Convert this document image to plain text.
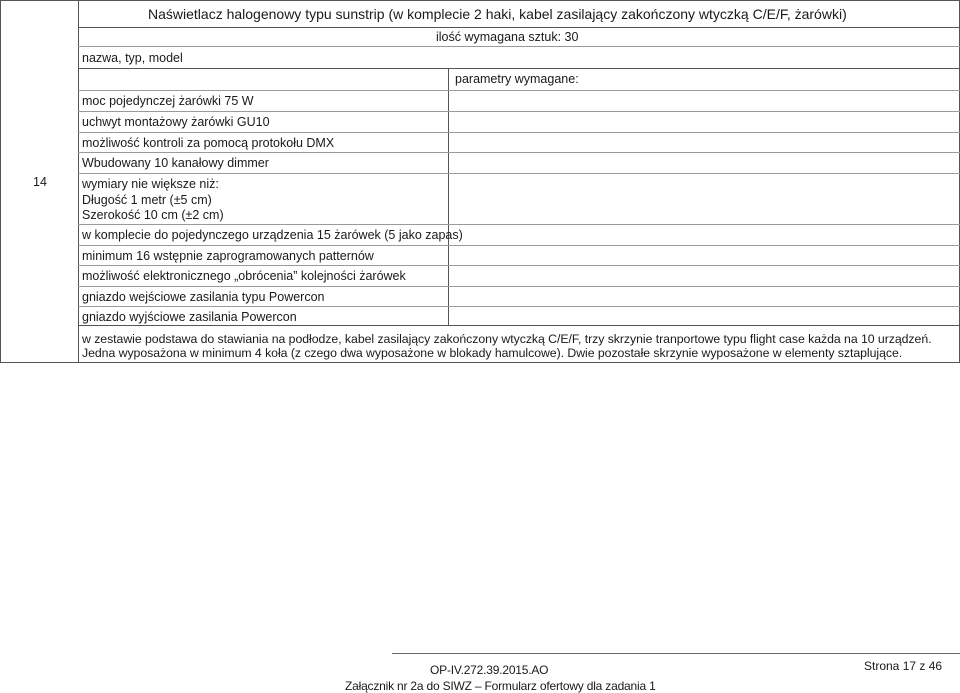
14
Naświetlacz halogenowy typu sunstrip (w komplecie 2 haki, kabel zasilający zakończony wtyczką C/E/F, żarówki)
ilość wymagana sztuk: 30
nazwa, typ, model
parametry wymagane:
moc pojedynczej żarówki 75 W
uchwyt montażowy żarówki GU10
możliwość kontroli za pomocą protokołu DMX
Wbudowany 10 kanałowy dimmer
wymiary nie większe niż:
Długość 1 metr (±5 cm)
Szerokość 10 cm (±2 cm)
w komplecie do pojedynczego urządzenia 15 żarówek (5 jako zapas)
minimum 16 wstępnie zaprogramowanych patternów
możliwość elektronicznego „obrócenia” kolejności żarówek
gniazdo wejściowe zasilania typu Powercon
gniazdo wyjściowe zasilania Powercon
w zestawie podstawa do stawiania na podłodze, kabel zasilający zakończony wtyczką C/E/F, trzy skrzynie tranportowe typu flight case każda na 10 urządzeń.
Jedna wyposażona w minimum 4 koła (z czego dwa wyposażone w blokady hamulcowe). Dwie pozostałe skrzynie wyposażone w elementy sztaplujące.
OP-IV.272.39.2015.AO
Załącznik nr 2a do SIWZ – Formularz ofertowy dla zadania 1
Strona 17 z 46
